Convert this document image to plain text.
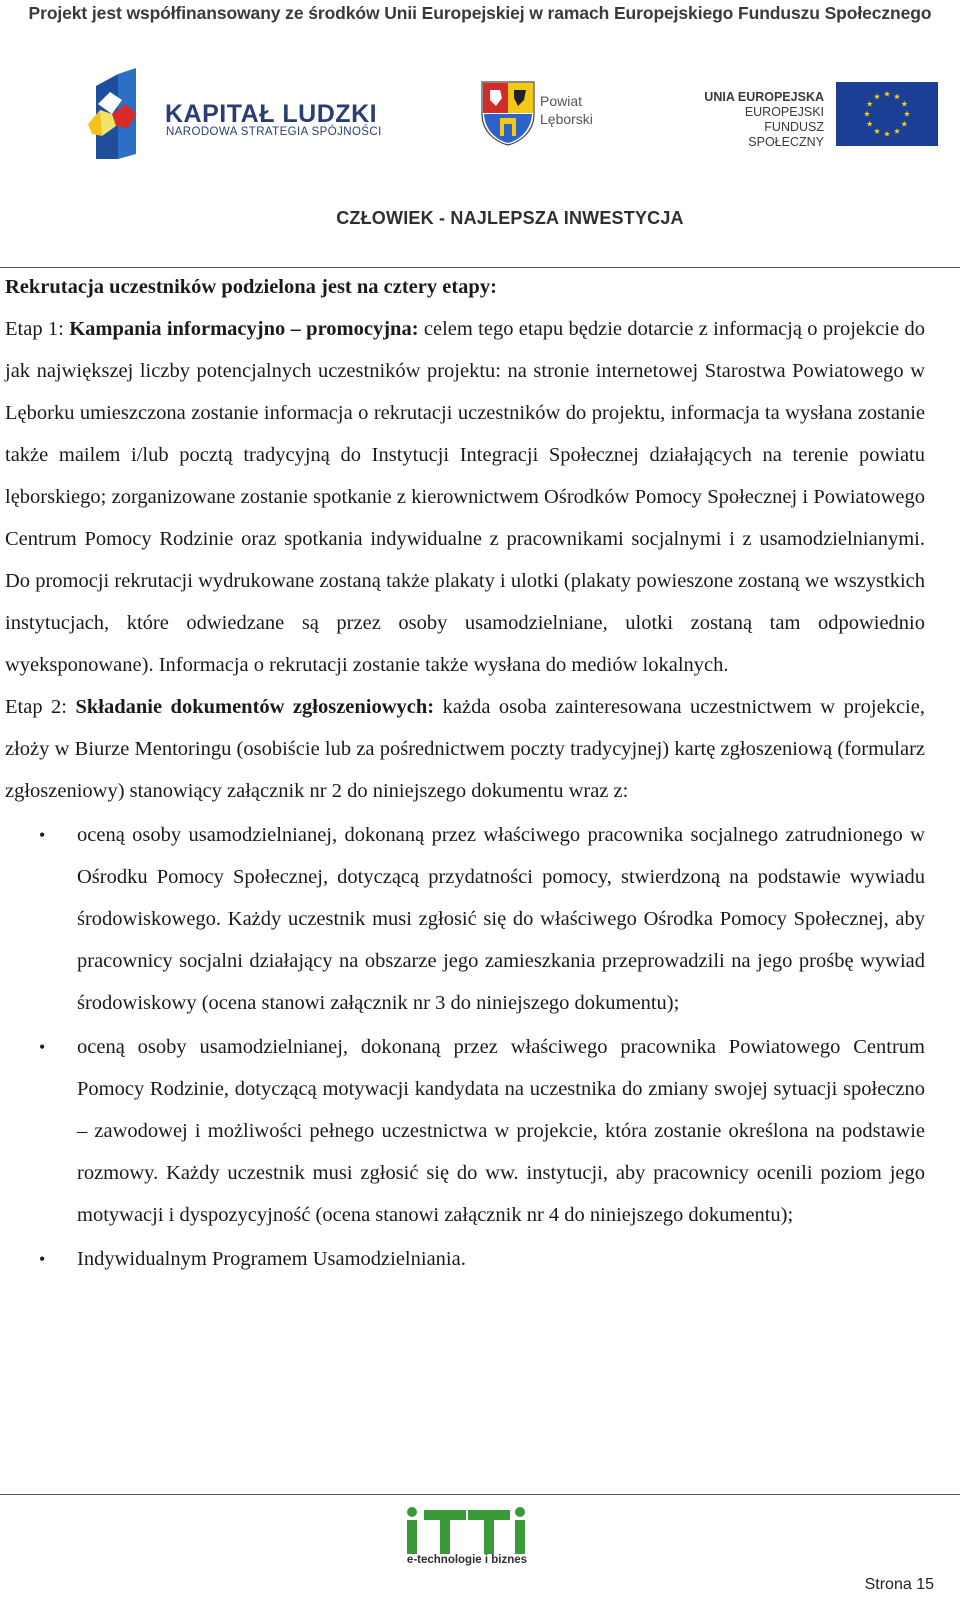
Projekt jest współfinansowany ze środków Unii Europejskiej w ramach Europejskiego Funduszu Społecznego
KAPITAŁ LUDZKI
NARODOWA STRATEGIA SPÓJNOŚCI
Powiat
Lęborski
UNIA EUROPEJSKA
EUROPEJSKI
FUNDUSZ SPOŁECZNY
CZŁOWIEK - NAJLEPSZA INWESTYCJA

Rekrutacja uczestników podzielona jest na cztery etapy:

Etap 1: Kampania informacyjno – promocyjna: celem tego etapu będzie dotarcie z informacją o projekcie do jak największej liczby potencjalnych uczestników projektu: na stronie internetowej Starostwa Powiatowego w Lęborku umieszczona zostanie informacja o rekrutacji uczestników do projektu, informacja ta wysłana zostanie także mailem i/lub pocztą tradycyjną do Instytucji Integracji Społecznej działających na terenie powiatu lęborskiego; zorganizowane zostanie spotkanie z kierownictwem Ośrodków Pomocy Społecznej i Powiatowego Centrum Pomocy Rodzinie oraz spotkania indywidualne z pracownikami socjalnymi i z usamodzielnianymi. Do promocji rekrutacji wydrukowane zostaną także plakaty i ulotki (plakaty powieszone zostaną we wszystkich instytucjach, które odwiedzane są przez osoby usamodzielniane, ulotki zostaną tam odpowiednio wyeksponowane). Informacja o rekrutacji zostanie także wysłana do mediów lokalnych.

Etap 2: Składanie dokumentów zgłoszeniowych: każda osoba zainteresowana uczestnictwem w projekcie, złoży w Biurze Mentoringu (osobiście lub za pośrednictwem poczty tradycyjnej) kartę zgłoszeniową (formularz zgłoszeniowy) stanowiący załącznik nr 2 do niniejszego dokumentu wraz z:

• oceną osoby usamodzielnianej, dokonaną przez właściwego pracownika socjalnego zatrudnionego w Ośrodku Pomocy Społecznej, dotyczącą przydatności pomocy, stwierdzoną na podstawie wywiadu środowiskowego. Każdy uczestnik musi zgłosić się do właściwego Ośrodka Pomocy Społecznej, aby pracownicy socjalni działający na obszarze jego zamieszkania przeprowadzili na jego prośbę wywiad środowiskowy (ocena stanowi załącznik nr 3 do niniejszego dokumentu);
• oceną osoby usamodzielnianej, dokonaną przez właściwego pracownika Powiatowego Centrum Pomocy Rodzinie, dotyczącą motywacji kandydata na uczestnika do zmiany swojej sytuacji społeczno – zawodowej i możliwości pełnego uczestnictwa w projekcie, która zostanie określona na podstawie rozmowy. Każdy uczestnik musi zgłosić się do ww. instytucji, aby pracownicy ocenili poziom jego motywacji i dyspozycyjność (ocena stanowi załącznik nr 4 do niniejszego dokumentu);
• Indywidualnym Programem Usamodzielniania.
e-technologie i biznes
Strona 15
